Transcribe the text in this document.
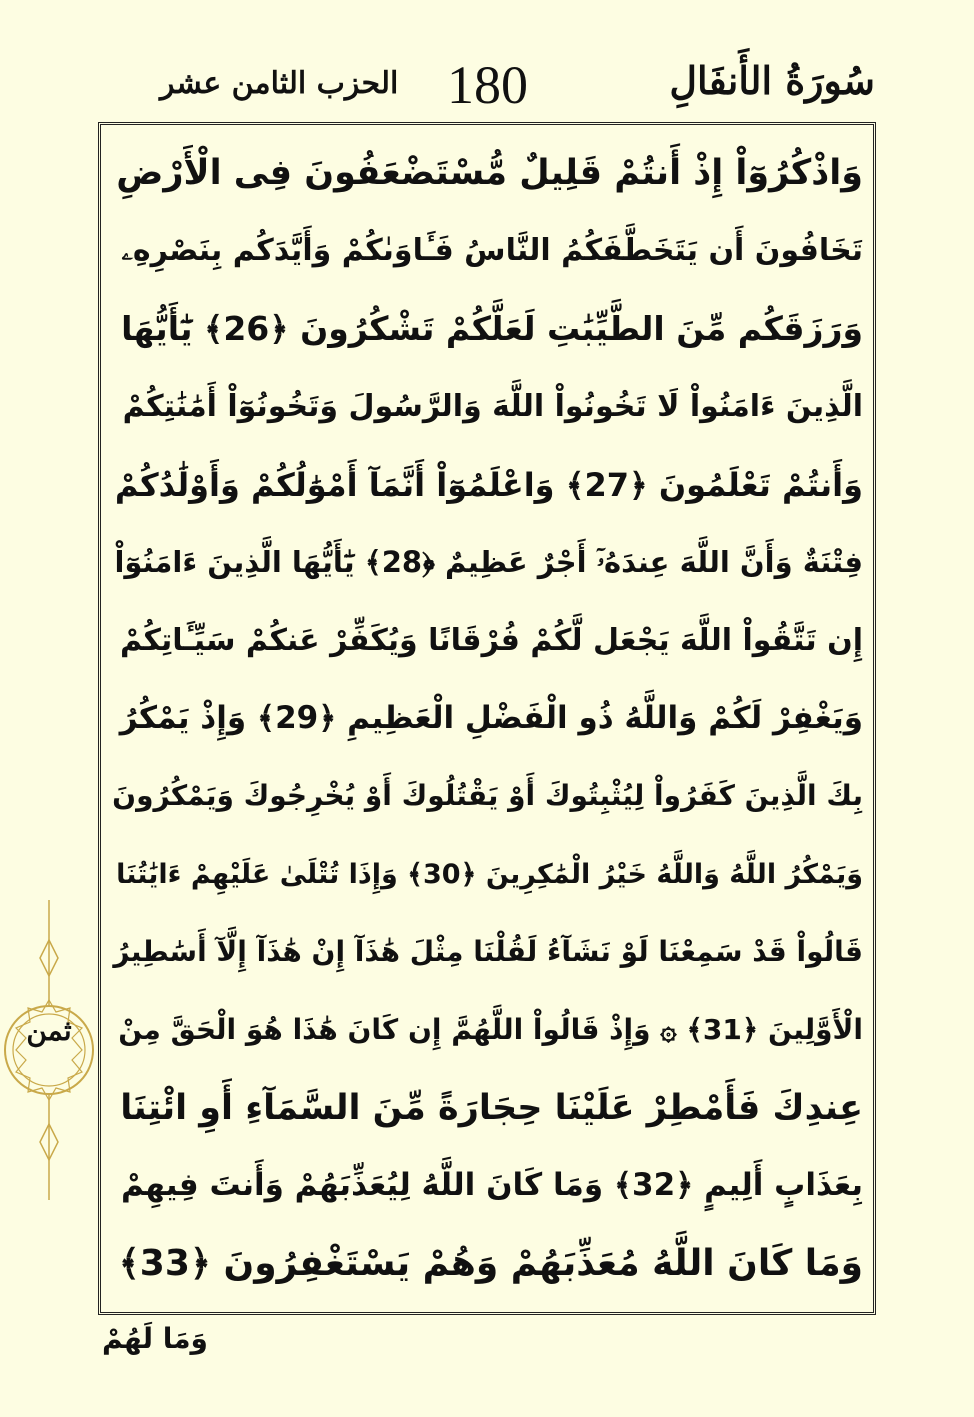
سُورَةُ الأَنفَالِ
180
الحزب الثامن عشر
وَاذْكُرُوٓاْ إِذْ أَنتُمْ قَلِيلٌ مُّسْتَضْعَفُونَ فِى الْأَرْضِ
تَخَافُونَ أَن يَتَخَطَّفَكُمُ النَّاسُ فَـَٔاوَىٰكُمْ وَأَيَّدَكُم بِنَصْرِهِۦ
وَرَزَقَكُم مِّنَ الطَّيِّبَٰتِ لَعَلَّكُمْ تَشْكُرُونَ ﴿26﴾ يَٰٓأَيُّهَا
الَّذِينَ ءَامَنُواْ لَا تَخُونُواْ اللَّهَ وَالرَّسُولَ وَتَخُونُوٓاْ أَمَٰنَٰتِكُمْ
وَأَنتُمْ تَعْلَمُونَ ﴿27﴾ وَاعْلَمُوٓاْ أَنَّمَآ أَمْوَٰلُكُمْ وَأَوْلَٰدُكُمْ
فِتْنَةٌ وَأَنَّ اللَّهَ عِندَهُۥٓ أَجْرٌ عَظِيمٌ ﴿28﴾ يَٰٓأَيُّهَا الَّذِينَ ءَامَنُوٓاْ
إِن تَتَّقُواْ اللَّهَ يَجْعَل لَّكُمْ فُرْقَانًا وَيُكَفِّرْ عَنكُمْ سَيِّـَٔاتِكُمْ
وَيَغْفِرْ لَكُمْ وَاللَّهُ ذُو الْفَضْلِ الْعَظِيمِ ﴿29﴾ وَإِذْ يَمْكُرُ
بِكَ الَّذِينَ كَفَرُواْ لِيُثْبِتُوكَ أَوْ يَقْتُلُوكَ أَوْ يُخْرِجُوكَ وَيَمْكُرُونَ
وَيَمْكُرُ اللَّهُ وَاللَّهُ خَيْرُ الْمَٰكِرِينَ ﴿30﴾ وَإِذَا تُتْلَىٰ عَلَيْهِمْ ءَايَٰتُنَا
قَالُواْ قَدْ سَمِعْنَا لَوْ نَشَآءُ لَقُلْنَا مِثْلَ هَٰذَآ إِنْ هَٰذَآ إِلَّآ أَسَٰطِيرُ
الْأَوَّلِينَ ﴿31﴾ ۞ وَإِذْ قَالُواْ اللَّهُمَّ إِن كَانَ هَٰذَا هُوَ الْحَقَّ مِنْ
عِندِكَ فَأَمْطِرْ عَلَيْنَا حِجَارَةً مِّنَ السَّمَآءِ أَوِ ائْتِنَا
بِعَذَابٍ أَلِيمٍ ﴿32﴾ وَمَا كَانَ اللَّهُ لِيُعَذِّبَهُمْ وَأَنتَ فِيهِمْ
وَمَا كَانَ اللَّهُ مُعَذِّبَهُمْ وَهُمْ يَسْتَغْفِرُونَ ﴿33﴾
ثمن
وَمَا لَهُمْ
